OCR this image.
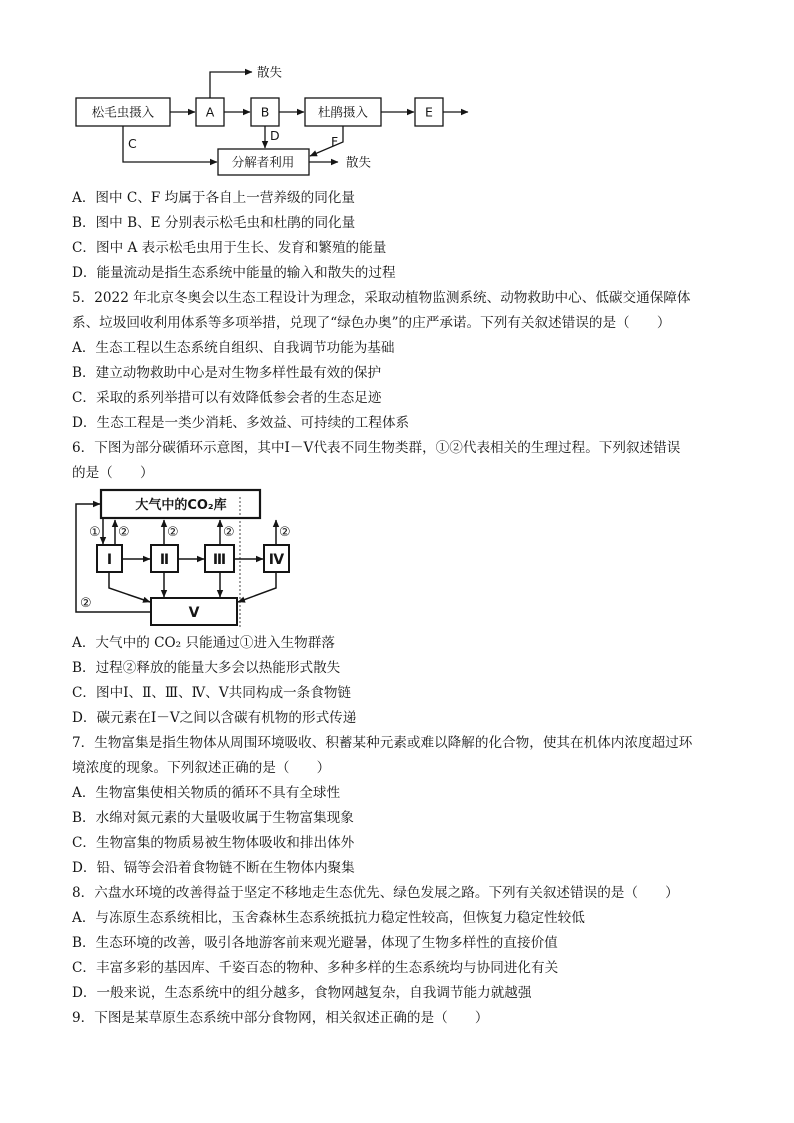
松毛虫摄入	A	B	杜鹃摄入	E
分解者利用
散失
散失
C
D	F
A．图中 C、F 均属于各自上一营养级的同化量
B．图中 B、E 分别表示松毛虫和杜鹃的同化量
C．图中 A 表示松毛虫用于生长、发育和繁殖的能量
D．能量流动是指生态系统中能量的输入和散失的过程
5．2022 年北京冬奥会以生态工程设计为理念，采取动植物监测系统、动物救助中心、低碳交通保障体
系、垃圾回收利用体系等多项举措，兑现了“绿色办奥”的庄严承诺。下列有关叙述错误的是（　　）
A．生态工程以生态系统自组织、自我调节功能为基础
B．建立动物救助中心是对生物多样性最有效的保护
C．采取的系列举措可以有效降低参会者的生态足迹
D．生态工程是一类少消耗、多效益、可持续的工程体系
6．下图为部分碳循环示意图，其中Ⅰ－Ⅴ代表不同生物类群，①②代表相关的生理过程。下列叙述错误
的是（　　）
大气中的CO₂库
Ⅰ	Ⅱ	Ⅲ	Ⅳ
Ⅴ
① ②	②	②	②
②
A．大气中的 CO₂ 只能通过①进入生物群落
B．过程②释放的能量大多会以热能形式散失
C．图中Ⅰ、Ⅱ、Ⅲ、Ⅳ、Ⅴ共同构成一条食物链
D．碳元素在Ⅰ－Ⅴ之间以含碳有机物的形式传递
7．生物富集是指生物体从周围环境吸收、积蓄某种元素或难以降解的化合物，使其在机体内浓度超过环
境浓度的现象。下列叙述正确的是（　　）
A．生物富集使相关物质的循环不具有全球性
B．水绵对氮元素的大量吸收属于生物富集现象
C．生物富集的物质易被生物体吸收和排出体外
D．铅、镉等会沿着食物链不断在生物体内聚集
8．六盘水环境的改善得益于坚定不移地走生态优先、绿色发展之路。下列有关叙述错误的是（　　）
A．与冻原生态系统相比，玉舍森林生态系统抵抗力稳定性较高，但恢复力稳定性较低
B．生态环境的改善，吸引各地游客前来观光避暑，体现了生物多样性的直接价值
C．丰富多彩的基因库、千姿百态的物种、多种多样的生态系统均与协同进化有关
D．一般来说，生态系统中的组分越多，食物网越复杂，自我调节能力就越强
9．下图是某草原生态系统中部分食物网，相关叙述正确的是（　　）
